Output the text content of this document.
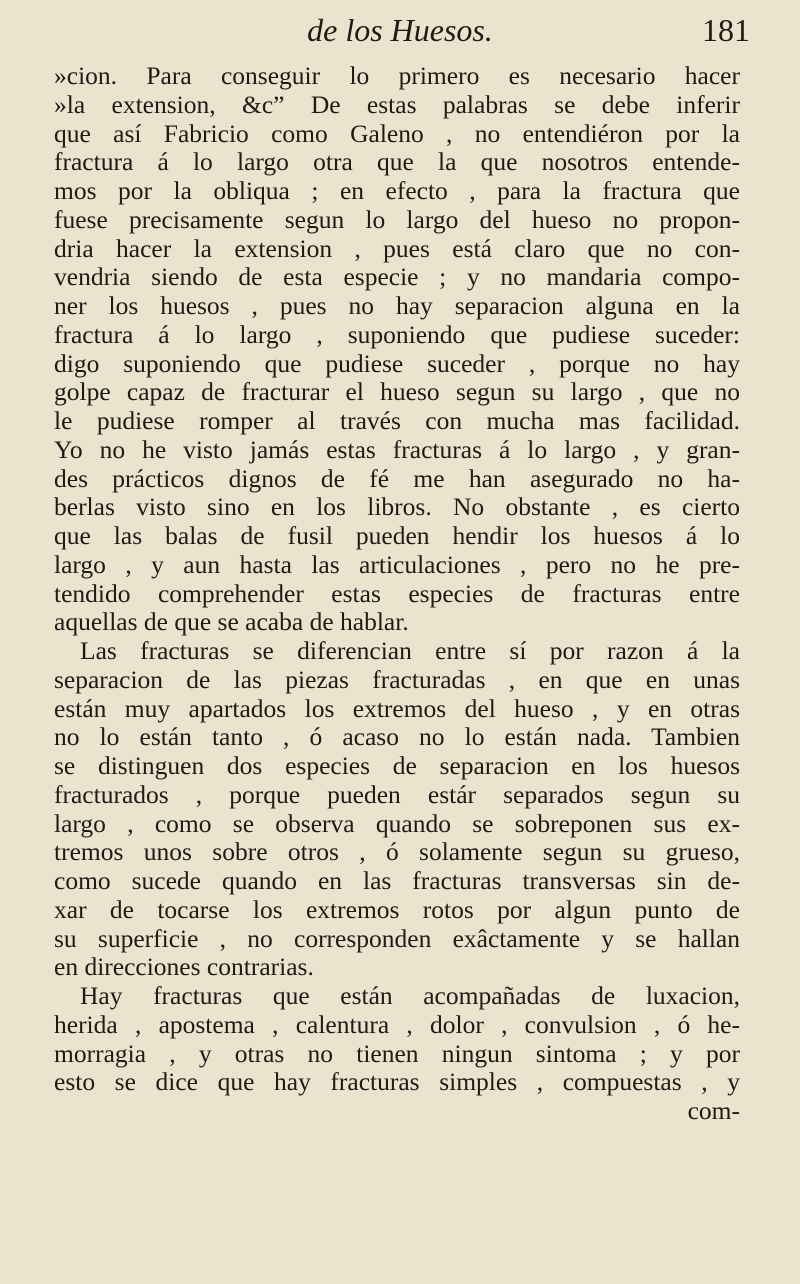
de los Huesos.	181
»cion. Para conseguir lo primero es necesario hacer
»la extension, &c” De estas palabras se debe inferir
que así Fabricio como Galeno , no entendiéron por la
fractura á lo largo otra que la que nosotros entende-
mos por la obliqua ; en efecto , para la fractura que
fuese precisamente segun lo largo del hueso no propon-
dria hacer la extension , pues está claro que no con-
vendria siendo de esta especie ; y no mandaria compo-
ner los huesos , pues no hay separacion alguna en la
fractura á lo largo , suponiendo que pudiese suceder:
digo suponiendo que pudiese suceder , porque no hay
golpe capaz de fracturar el hueso segun su largo , que no
le pudiese romper al través con mucha mas facilidad.
Yo no he visto jamás estas fracturas á lo largo , y gran-
des prácticos dignos de fé me han asegurado no ha-
berlas visto sino en los libros. No obstante , es cierto
que las balas de fusil pueden hendir los huesos á lo
largo , y aun hasta las articulaciones , pero no he pre-
tendido comprehender estas especies de fracturas entre
aquellas de que se acaba de hablar.
Las fracturas se diferencian entre sí por razon á la
separacion de las piezas fracturadas , en que en unas
están muy apartados los extremos del hueso , y en otras
no lo están tanto , ó acaso no lo están nada. Tambien
se distinguen dos especies de separacion en los huesos
fracturados , porque pueden estár separados segun su
largo , como se observa quando se sobreponen sus ex-
tremos unos sobre otros , ó solamente segun su grueso,
como sucede quando en las fracturas transversas sin de-
xar de tocarse los extremos rotos por algun punto de
su superficie , no corresponden exâctamente y se hallan
en direcciones contrarias.
Hay fracturas que están acompañadas de luxacion,
herida , apostema , calentura , dolor , convulsion , ó he-
morragia , y otras no tienen ningun sintoma ; y por
esto se dice que hay fracturas simples , compuestas , y
com-
